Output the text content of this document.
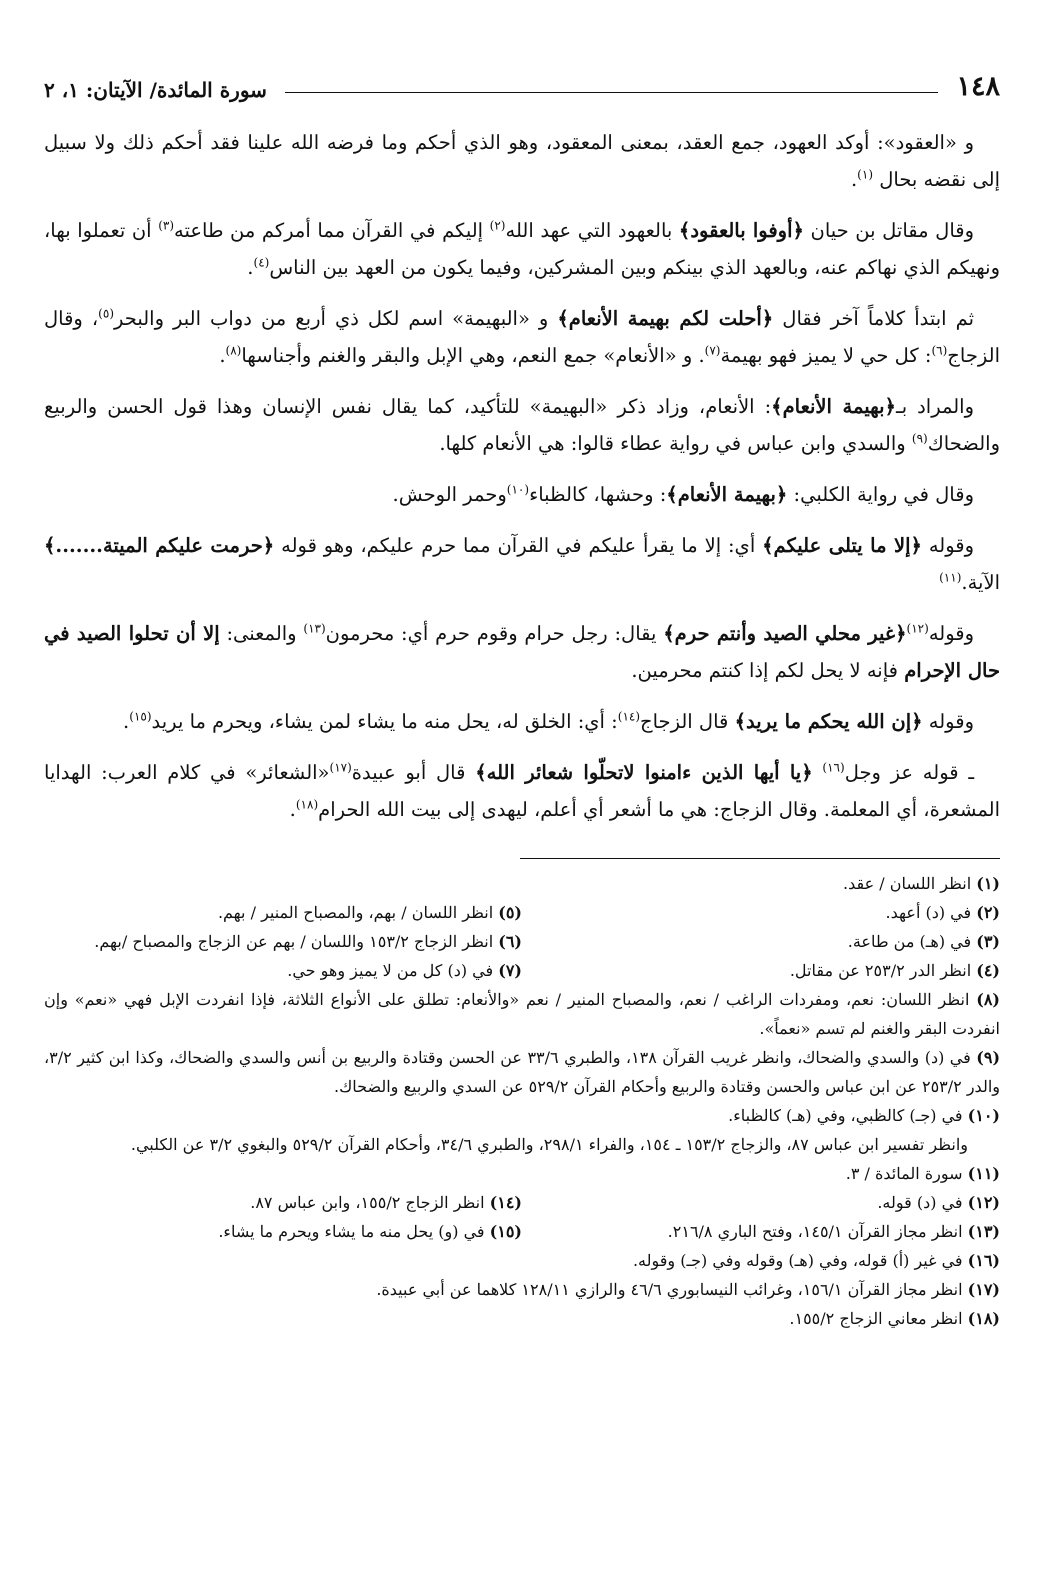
١٤٨
سورة المائدة/ الآيتان: ١، ٢

و «العقود»: أوكد العهود، جمع العقد، بمعنى المعقود، وهو الذي أحكم وما فرضه الله علينا فقد أحكم ذلك ولا سبيل إلى نقضه بحال $^{(١)}$.

وقال مقاتل بن حيان ﴿أوفوا بالعقود﴾ بالعهود التي عهد الله$^{(٢)}$ إليكم في القرآن مما أمركم من طاعته$^{(٣)}$ أن تعملوا بها، ونهيكم الذي نهاكم عنه، وبالعهد الذي بينكم وبين المشركين، وفيما يكون من العهد بين الناس$^{(٤)}$.

ثم ابتدأ كلاماً آخر فقال ﴿أحلت لكم بهيمة الأنعام﴾ و «البهيمة» اسم لكل ذي أربع من دواب البر والبحر$^{(٥)}$، وقال الزجاج$^{(٦)}$: كل حي لا يميز فهو بهيمة$^{(٧)}$. و «الأنعام» جمع النعم، وهي الإبل والبقر والغنم وأجناسها$^{(٨)}$.

والمراد بـ﴿بهيمة الأنعام﴾: الأنعام، وزاد ذكر «البهيمة» للتأكيد، كما يقال نفس الإنسان وهذا قول الحسن والربيع والضحاك$^{(٩)}$ والسدي وابن عباس في رواية عطاء قالوا: هي الأنعام كلها.

وقال في رواية الكلبي: ﴿بهيمة الأنعام﴾: وحشها، كالظباء$^{(١٠)}$وحمر الوحش.

وقوله ﴿إلا ما يتلى عليكم﴾ أي: إلا ما يقرأ عليكم في القرآن مما حرم عليكم، وهو قوله ﴿حرمت عليكم الميتة.......﴾ الآية.$^{(١١)}$

وقوله$^{(١٢)}$﴿غير محلي الصيد وأنتم حرم﴾ يقال: رجل حرام وقوم حرم أي: محرمون$^{(١٣)}$ والمعنى: إلا أن تحلوا الصيد في حال الإحرام فإنه لا يحل لكم إذا كنتم محرمين.

وقوله ﴿إن الله يحكم ما يريد﴾ قال الزجاج$^{(١٤)}$: أي: الخلق له، يحل منه ما يشاء لمن يشاء، ويحرم ما يريد$^{(١٥)}$.

ـ قوله عز وجل$^{(١٦)}$ ﴿يا أيها الذين ءامنوا لاتحلّوا شعائر الله﴾ قال أبو عبيدة$^{(١٧)}$«الشعائر» في كلام العرب: الهدايا المشعرة، أي المعلمة. وقال الزجاج: هي ما أشعر أي أعلم، ليهدى إلى بيت الله الحرام$^{(١٨)}$.

(١) انظر اللسان / عقد.
(٢) في (د) أعهد.
(٥) انظر اللسان / بهم، والمصباح المنير / بهم.
(٣) في (هـ) من طاعة.
(٦) انظر الزجاج ١٥٣/٢ واللسان / بهم عن الزجاج والمصباح /بهم.
(٤) انظر الدر ٢٥٣/٢ عن مقاتل.
(٧) في (د) كل من لا يميز وهو حي.
(٨) انظر اللسان: نعم، ومفردات الراغب / نعم، والمصباح المنير / نعم «والأنعام: تطلق على الأنواع الثلاثة، فإذا انفردت الإبل فهي «نعم» وإن انفردت البقر والغنم لم تسم «نعماً».
(٩) في (د) والسدي والضحاك، وانظر غريب القرآن ١٣٨، والطبري ٣٣/٦ عن الحسن وقتادة والربيع بن أنس والسدي والضحاك، وكذا ابن كثير ٣/٢، والدر ٢٥٣/٢ عن ابن عباس والحسن وقتادة والربيع وأحكام القرآن ٥٢٩/٢ عن السدي والربيع والضحاك.
(١٠) في (جـ) كالظبي، وفي (هـ) كالظباء.
وانظر تفسير ابن عباس ٨٧، والزجاج ١٥٣/٢ ـ ١٥٤، والفراء ٢٩٨/١، والطبري ٣٤/٦، وأحكام القرآن ٥٢٩/٢ والبغوي ٣/٢ عن الكلبي.
(١١) سورة المائدة / ٣.
(١٢) في (د) قوله.
(١٤) انظر الزجاج ١٥٥/٢، وابن عباس ٨٧.
(١٣) انظر مجاز القرآن ١٤٥/١، وفتح الباري ٢١٦/٨.
(١٥) في (و) يحل منه ما يشاء ويحرم ما يشاء.
(١٦) في غير (أ) قوله، وفي (هـ) وقوله وفي (جـ) وقوله.
(١٧) انظر مجاز القرآن ١٥٦/١، وغرائب النيسابوري ٤٦/٦ والرازي ١٢٨/١١ كلاهما عن أبي عبيدة.
(١٨) انظر معاني الزجاج ١٥٥/٢.
